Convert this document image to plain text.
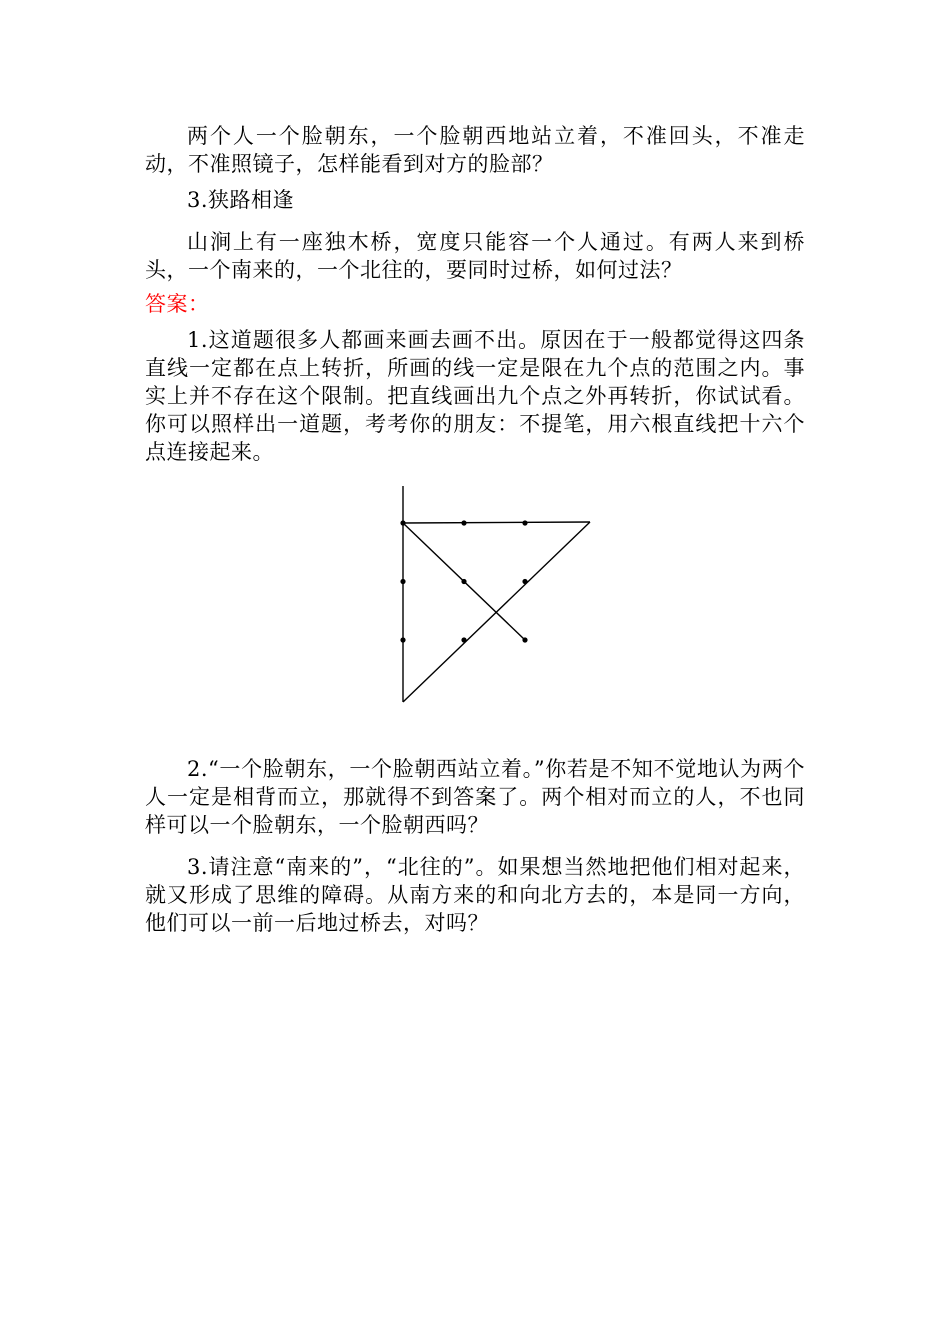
两个人一个脸朝东，一个脸朝西地站立着，不准回头，不准走动，不准照镜子，怎样能看到对方的脸部？

3.狭路相逢

山涧上有一座独木桥，宽度只能容一个人通过。有两人来到桥头，一个南来的，一个北往的，要同时过桥，如何过法？

答案：

1.这道题很多人都画来画去画不出。原因在于一般都觉得这四条直线一定都在点上转折，所画的线一定是限在九个点的范围之内。事实上并不存在这个限制。把直线画出九个点之外再转折，你试试看。你可以照样出一道题，考考你的朋友：不提笔，用六根直线把十六个点连接起来。

2.“一个脸朝东，一个脸朝西站立着。”你若是不知不觉地认为两个人一定是相背而立，那就得不到答案了。两个相对而立的人，不也同样可以一个脸朝东，一个脸朝西吗？

3.请注意“南来的”，“北往的”。如果想当然地把他们相对起来，就又形成了思维的障碍。从南方来的和向北方去的，本是同一方向，他们可以一前一后地过桥去，对吗？
